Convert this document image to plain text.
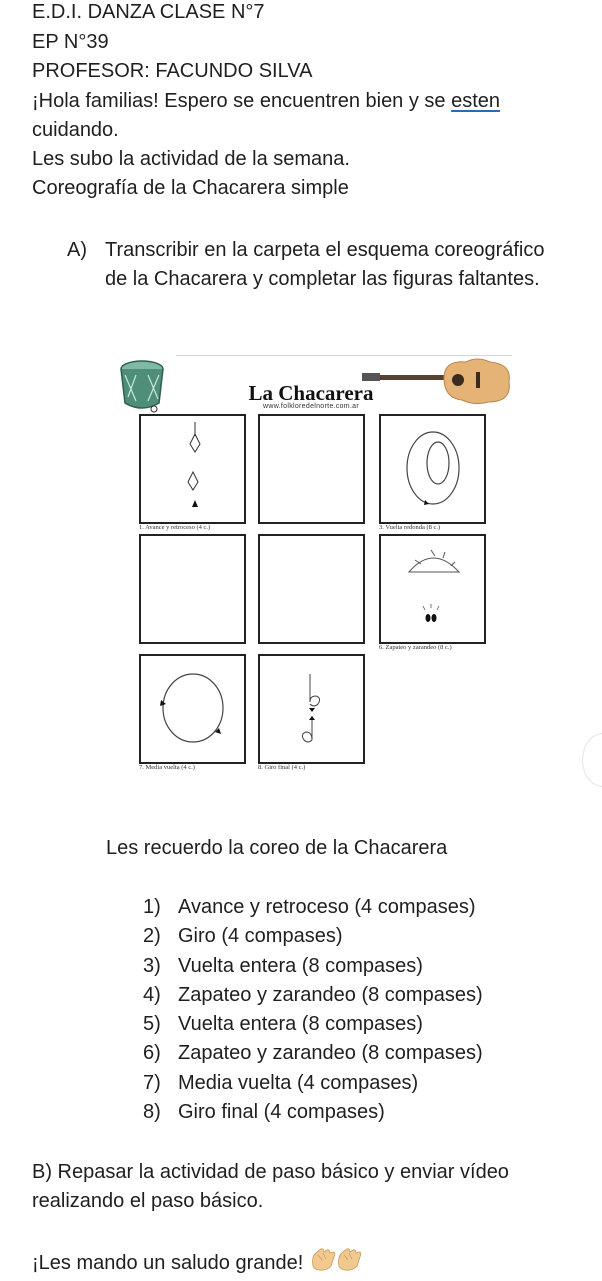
E.D.I. DANZA CLASE N°7
EP N°39
PROFESOR: FACUNDO SILVA
¡Hola familias! Espero se encuentren bien y se esten
cuidando.
Les subo la actividad de la semana.
Coreografía de la Chacarera simple
A) Transcribir en la carpeta el esquema coreográfico de la Chacarera y completar las figuras faltantes.
La Chacarera
www.folkloredelnorte.com.ar
1. Avance y retroceso (4 c.)	3. Vuelta redonda (8 c.)
6. Zapateo y zarandeo (8 c.)
7. Media vuelta (4 c.)	8. Giro final (4 c.)
Les recuerdo la coreo de la Chacarera
1) Avance y retroceso (4 compases)
2) Giro (4 compases)
3) Vuelta entera (8 compases)
4) Zapateo y zarandeo (8 compases)
5) Vuelta entera (8 compases)
6) Zapateo y zarandeo (8 compases)
7) Media vuelta (4 compases)
8) Giro final (4 compases)
B) Repasar la actividad de paso básico y enviar vídeo realizando el paso básico.
¡Les mando un saludo grande!
